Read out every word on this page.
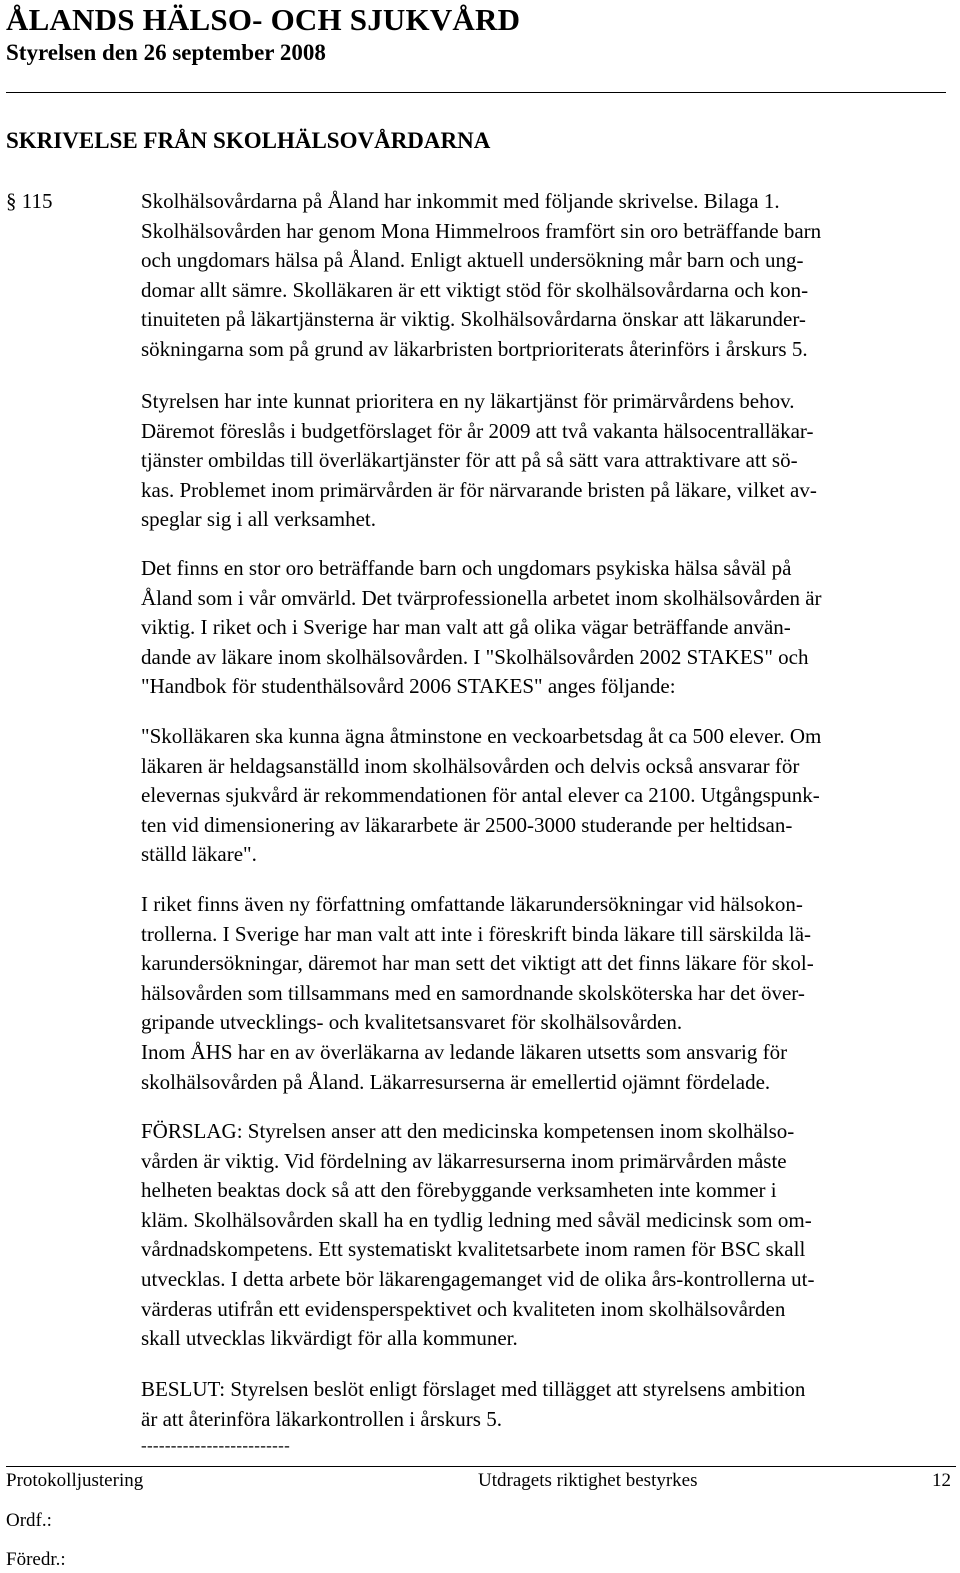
ÅLANDS HÄLSO- OCH SJUKVÅRD
Styrelsen den 26 september 2008
SKRIVELSE FRÅN SKOLHÄLSOVÅRDARNA
§ 115	Skolhälsovårdarna på Åland har inkommit med följande skrivelse. Bilaga 1.
Skolhälsovården har genom Mona Himmelroos framfört sin oro beträffande barn
och ungdomars hälsa på Åland. Enligt aktuell undersökning mår barn och ung-
domar allt sämre. Skolläkaren är ett viktigt stöd för skolhälsovårdarna och kon-
tinuiteten på läkartjänsterna är viktig. Skolhälsovårdarna önskar att läkarunder-
sökningarna som på grund av läkarbristen bortprioriterats återinförs i årskurs 5.
Styrelsen har inte kunnat prioritera en ny läkartjänst för primärvårdens behov.
Däremot föreslås i budgetförslaget för år 2009 att två vakanta hälsocentralläkar-
tjänster ombildas till överläkartjänster för att på så sätt vara attraktivare att sö-
kas. Problemet inom primärvården är för närvarande bristen på läkare, vilket av-
speglar sig i all verksamhet.
Det finns en stor oro beträffande barn och ungdomars psykiska hälsa såväl på
Åland som i vår omvärld. Det tvärprofessionella arbetet inom skolhälsovården är
viktig. I riket och i Sverige har man valt att gå olika vägar beträffande använ-
dande av läkare inom skolhälsovården. I "Skolhälsovården 2002 STAKES" och
"Handbok för studenthälsovård 2006 STAKES" anges följande:
"Skolläkaren ska kunna ägna åtminstone en veckoarbetsdag åt ca 500 elever. Om
läkaren är heldagsanställd inom skolhälsovården och delvis också ansvarar för
elevernas sjukvård är rekommendationen för antal elever ca 2100. Utgångspunk-
ten vid dimensionering av läkararbete är 2500-3000 studerande per heltidsan-
ställd läkare".
I riket finns även ny författning omfattande läkarundersökningar vid hälsokon-
trollerna. I Sverige har man valt att inte i föreskrift binda läkare till särskilda lä-
karundersökningar, däremot har man sett det viktigt att det finns läkare för skol-
hälsovården som tillsammans med en samordnande skolsköterska har det över-
gripande utvecklings- och kvalitetsansvaret för skolhälsovården.
Inom ÅHS har en av överläkarna av ledande läkaren utsetts som ansvarig för
skolhälsovården på Åland. Läkarresurserna är emellertid ojämnt fördelade.
FÖRSLAG: Styrelsen anser att den medicinska kompetensen inom skolhälso-
vården är viktig. Vid fördelning av läkarresurserna inom primärvården måste
helheten beaktas dock så att den förebyggande verksamheten inte kommer i
kläm. Skolhälsovården skall ha en tydlig ledning med såväl medicinsk som om-
vårdnadskompetens. Ett systematiskt kvalitetsarbete inom ramen för BSC skall
utvecklas. I detta arbete bör läkarengagemanget vid de olika års-kontrollerna ut-
värderas utifrån ett evidensperspektivet och kvaliteten inom skolhälsovården
skall utvecklas likvärdigt för alla kommuner.
BESLUT: Styrelsen beslöt enligt förslaget med tillägget att styrelsens ambition
är att återinföra läkarkontrollen i årskurs 5.
-------------------------
Protokolljustering	Utdragets riktighet bestyrkes	12
Ordf.:
Föredr.:
